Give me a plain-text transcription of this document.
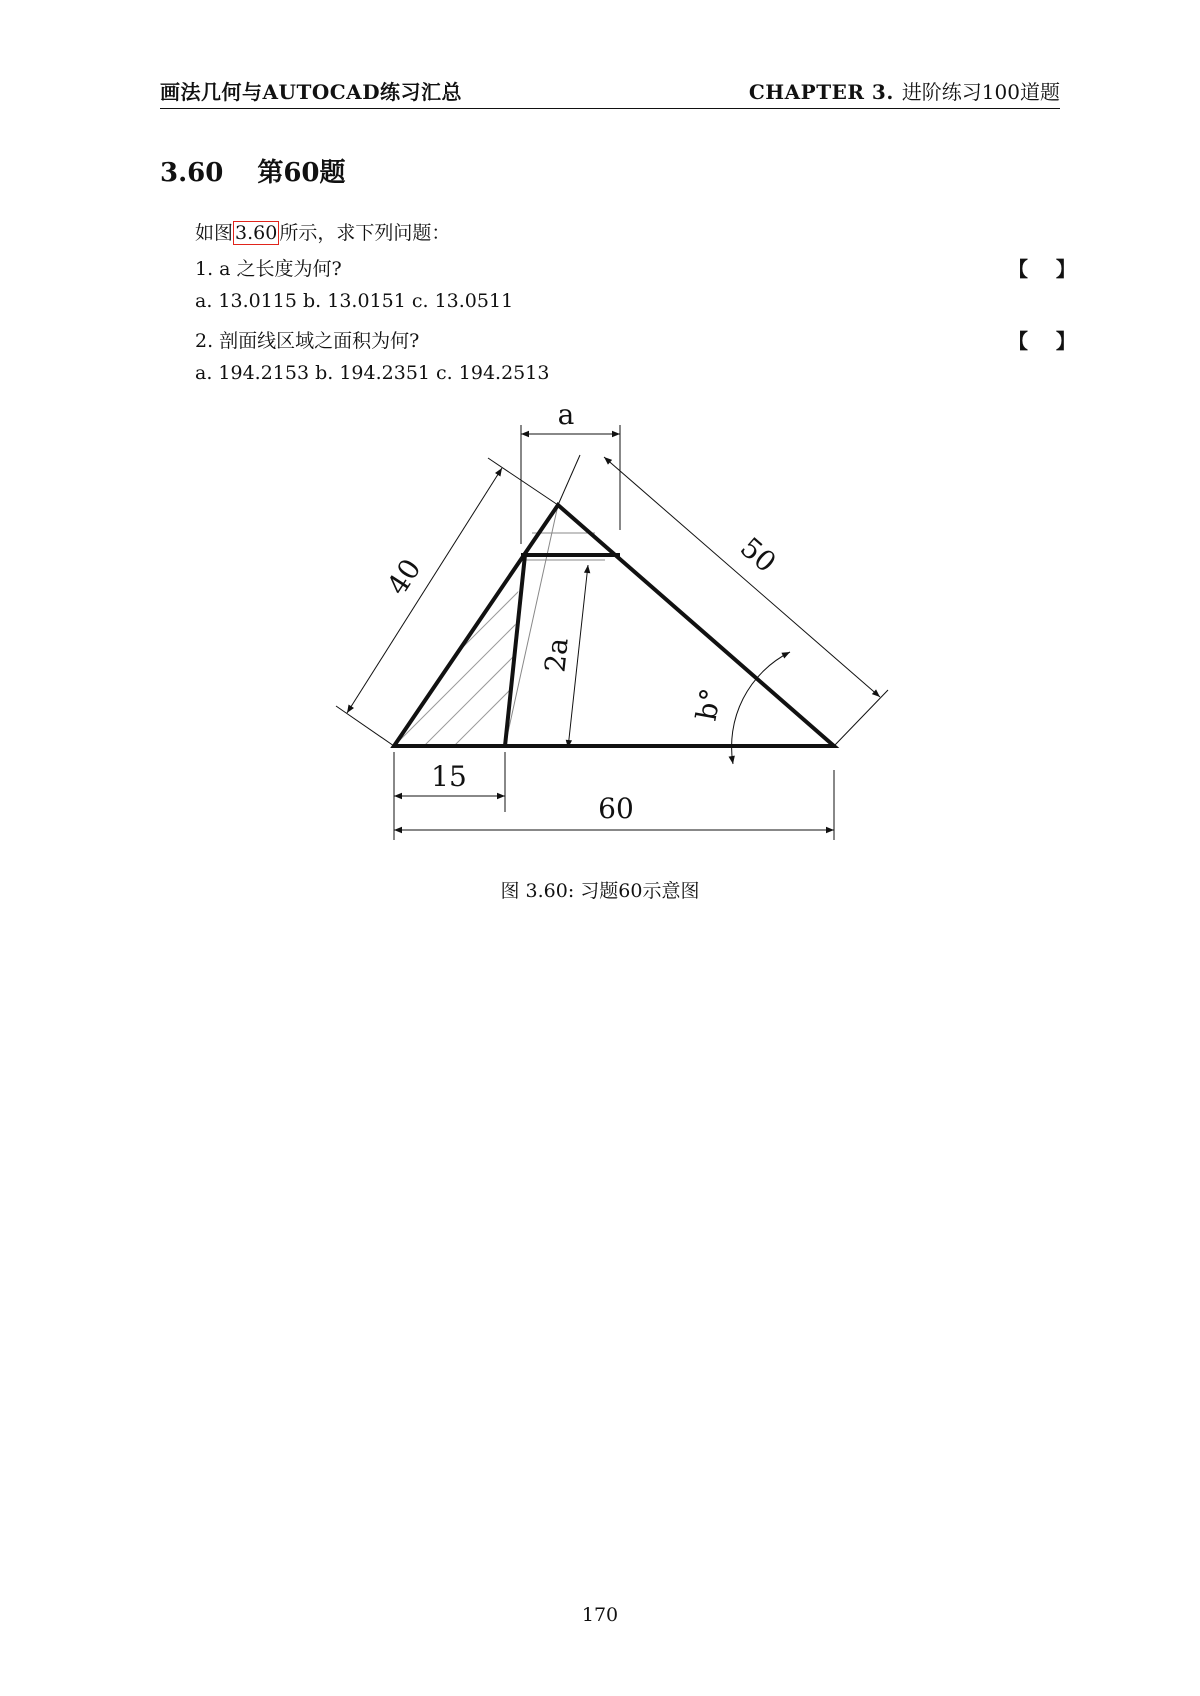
画法几何与AUTOCAD练习汇总	CHAPTER 3. 进阶练习100道题
3.60 第60题
如图 3.60 所示，求下列问题：
1. a 之长度为何?	【    】
a. 13.0115 b. 13.0151 c. 13.0511
2. 剖面线区域之面积为何?	【    】
a. 194.2153 b. 194.2351 c. 194.2513
a
40	50
2a
b°
15
60
图 3.60: 习题60示意图
170
